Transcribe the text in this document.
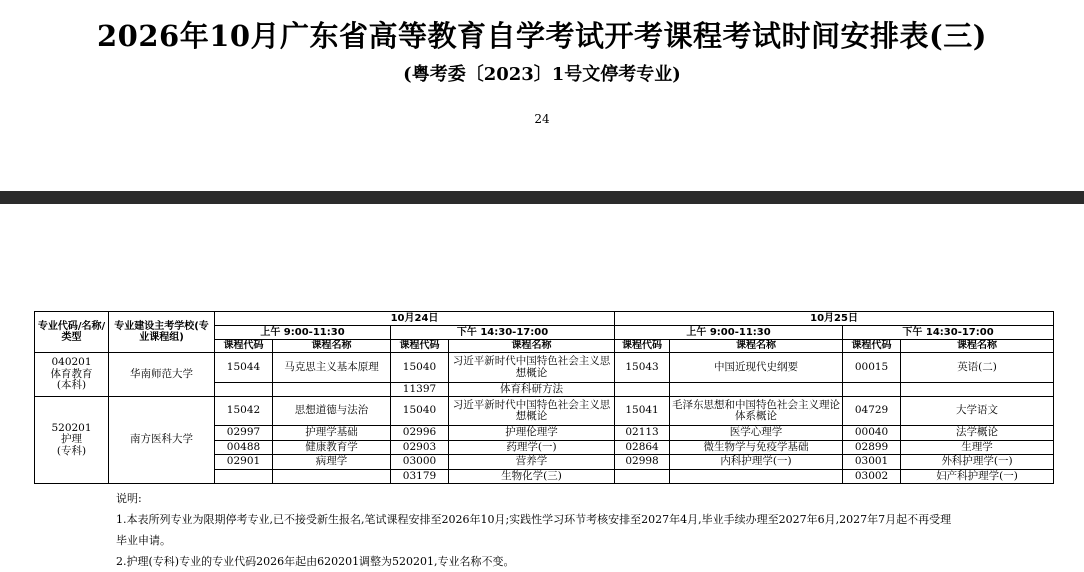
2026年10月广东省高等教育自学考试开考课程考试时间安排表(三)
(粤考委〔2023〕1号文停考专业)
24
专业代码/名称/类型	专业建设主考学校(专业课程组)	10月24日				10月25日			
		上午 9:00-11:30		下午 14:30-17:00		上午 9:00-11:30		下午 14:30-17:00	
		课程代码	课程名称	课程代码	课程名称	课程代码	课程名称	课程代码	课程名称
040201
体育教育
(本科)	华南师范大学	15044	马克思主义基本原理	15040	习近平新时代中国特色社会主义思想概论	15043	中国近现代史纲要	00015	英语(二)
				11397	体育科研方法				
520201
护理
(专科)	南方医科大学	15042	思想道德与法治	15040	习近平新时代中国特色社会主义思想概论	15041	毛泽东思想和中国特色社会主义理论体系概论	04729	大学语文
		02997	护理学基础	02996	护理伦理学	02113	医学心理学	00040	法学概论
		00488	健康教育学	02903	药理学(一)	02864	微生物学与免疫学基础	02899	生理学
		02901	病理学	03000	营养学	02998	内科护理学(一)	03001	外科护理学(一)
				03179	生物化学(三)			03002	妇产科护理学(一)
说明:
1.本表所列专业为限期停考专业,已不接受新生报名,笔试课程安排至2026年10月;实践性学习环节考核安排至2027年4月,毕业手续办理至2027年6月,2027年7月起不再受理
毕业申请。
2.护理(专科)专业的专业代码2026年起由620201调整为520201,专业名称不变。
